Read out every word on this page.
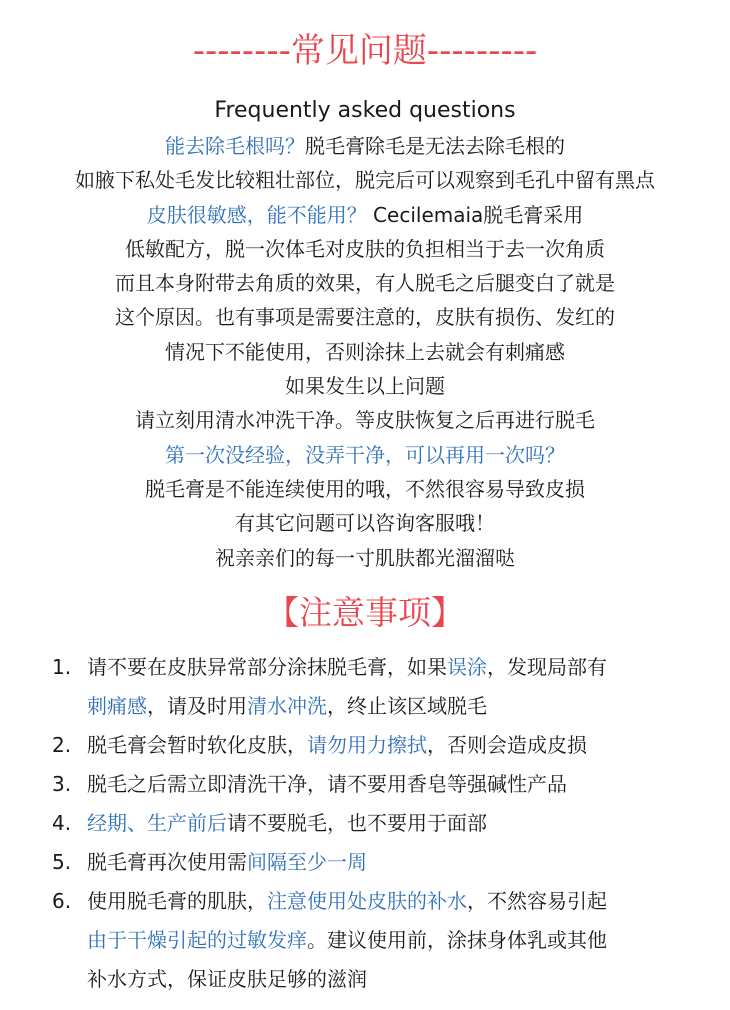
--------常见问题---------
Frequently asked questions
能去除毛根吗？脱毛膏除毛是无法去除毛根的
如腋下私处毛发比较粗壮部位，脱完后可以观察到毛孔中留有黑点
皮肤很敏感，能不能用？ Cecilemaia脱毛膏采用
低敏配方，脱一次体毛对皮肤的负担相当于去一次角质
而且本身附带去角质的效果，有人脱毛之后腿变白了就是
这个原因。也有事项是需要注意的，皮肤有损伤、发红的
情况下不能使用，否则涂抹上去就会有刺痛感
如果发生以上问题
请立刻用清水冲洗干净。等皮肤恢复之后再进行脱毛
第一次没经验，没弄干净，可以再用一次吗？
脱毛膏是不能连续使用的哦，不然很容易导致皮损
有其它问题可以咨询客服哦！
祝亲亲们的每一寸肌肤都光溜溜哒
【注意事项】
1. 请不要在皮肤异常部分涂抹脱毛膏，如果误涂，发现局部有
刺痛感，请及时用清水冲洗，终止该区域脱毛
2. 脱毛膏会暂时软化皮肤，请勿用力擦拭，否则会造成皮损
3. 脱毛之后需立即清洗干净，请不要用香皂等强碱性产品
4. 经期、生产前后请不要脱毛，也不要用于面部
5. 脱毛膏再次使用需间隔至少一周
6. 使用脱毛膏的肌肤，注意使用处皮肤的补水，不然容易引起
由于干燥引起的过敏发痒。建议使用前，涂抹身体乳或其他
补水方式，保证皮肤足够的滋润
